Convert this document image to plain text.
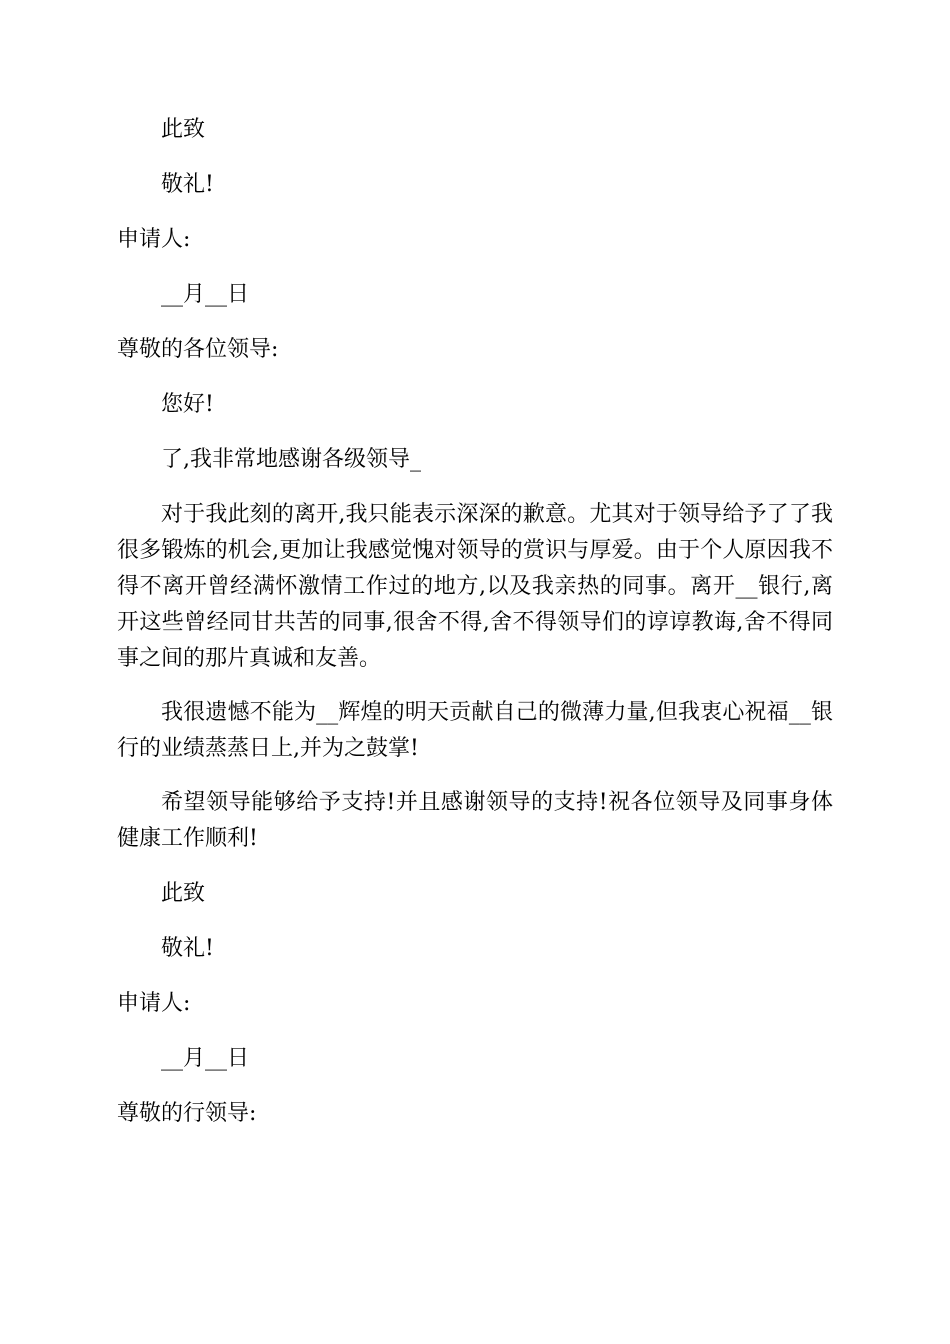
此致

敬礼!

申请人:

__月__日

尊敬的各位领导:

您好!

了,我非常地感谢各级领导_

对于我此刻的离开,我只能表示深深的歉意。尤其对于领导给予了了我很多锻炼的机会,更加让我感觉愧对领导的赏识与厚爱。由于个人原因我不得不离开曾经满怀激情工作过的地方,以及我亲热的同事。离开__银行,离开这些曾经同甘共苦的同事,很舍不得,舍不得领导们的谆谆教诲,舍不得同事之间的那片真诚和友善。

我很遗憾不能为__辉煌的明天贡献自己的微薄力量,但我衷心祝福__银行的业绩蒸蒸日上,并为之鼓掌!

希望领导能够给予支持!并且感谢领导的支持!祝各位领导及同事身体健康工作顺利!

此致

敬礼!

申请人:

__月__日

尊敬的行领导:
